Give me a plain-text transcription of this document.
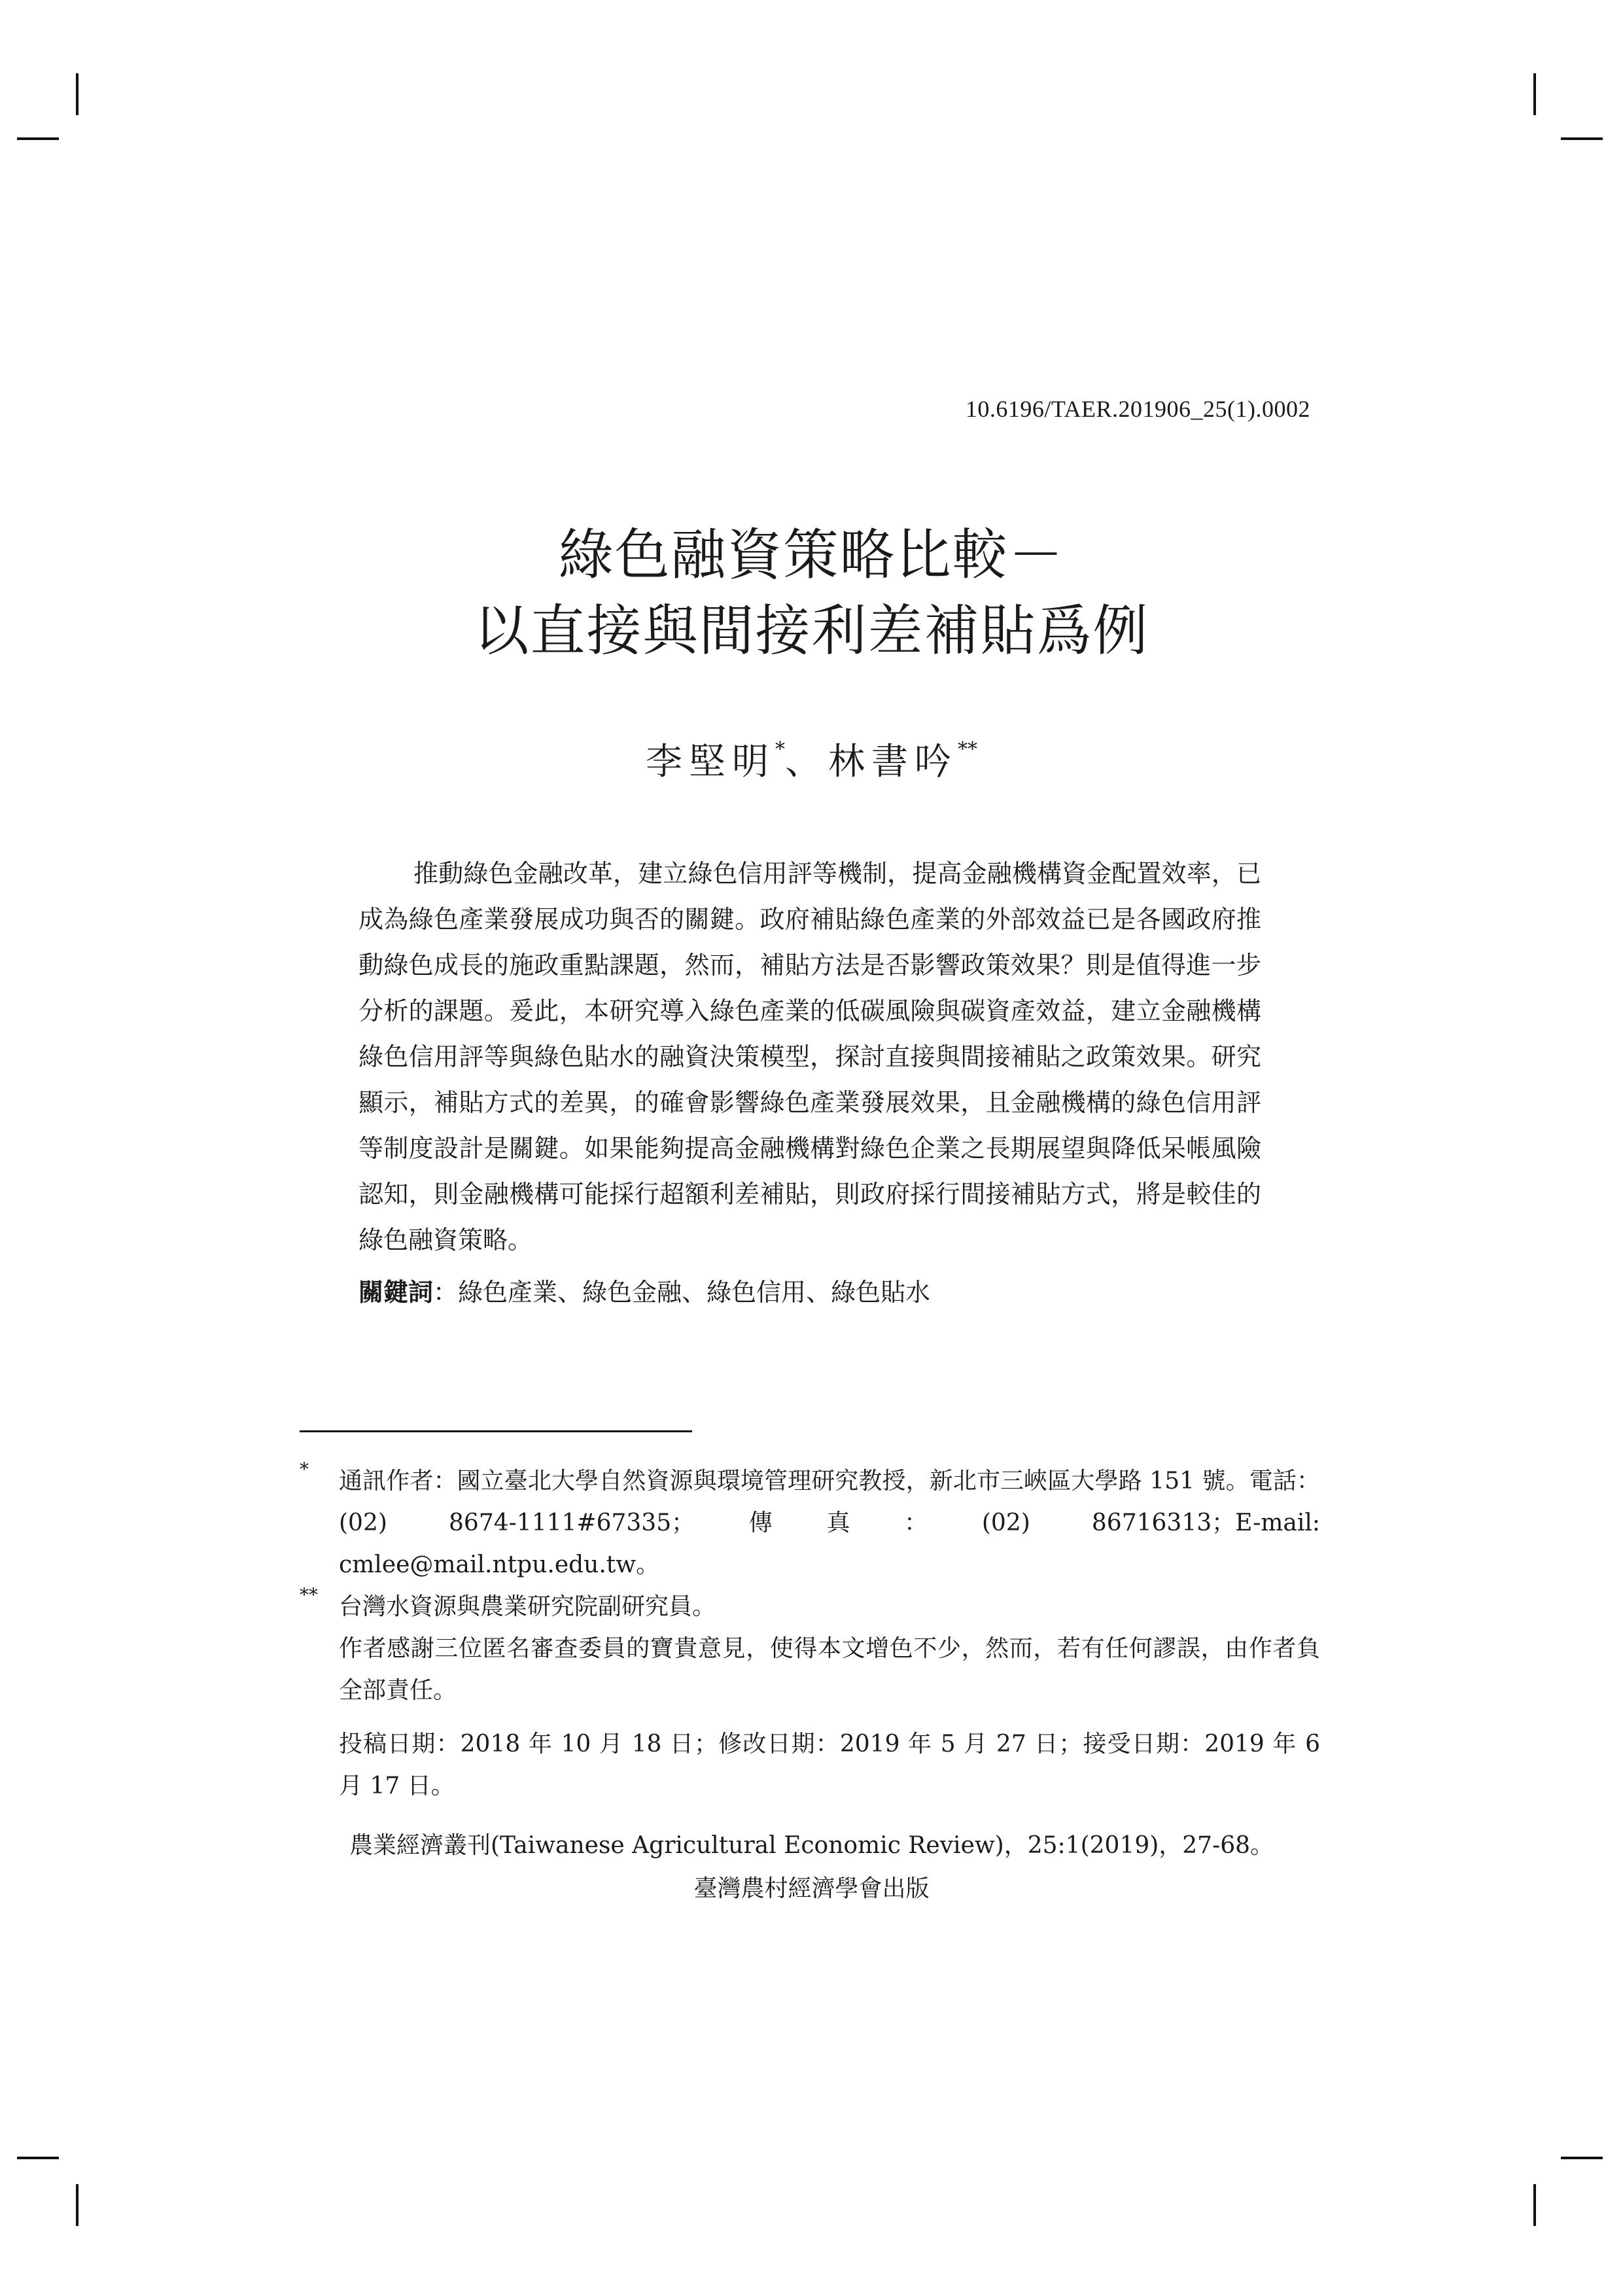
10.6196/TAER.201906_25(1).0002
綠色融資策略比較－
以直接與間接利差補貼爲例
李堅明*、林書吟**

推動綠色金融改革，建立綠色信用評等機制，提高金融機構資金配置效率，已成為綠色產業發展成功與否的關鍵。政府補貼綠色產業的外部效益已是各國政府推動綠色成長的施政重點課題，然而，補貼方法是否影響政策效果？則是值得進一步分析的課題。爰此，本研究導入綠色產業的低碳風險與碳資產效益，建立金融機構綠色信用評等與綠色貼水的融資決策模型，探討直接與間接補貼之政策效果。研究顯示，補貼方式的差異，的確會影響綠色產業發展效果，且金融機構的綠色信用評等制度設計是關鍵。如果能夠提高金融機構對綠色企業之長期展望與降低呆帳風險認知，則金融機構可能採行超額利差補貼，則政府採行間接補貼方式，將是較佳的綠色融資策略。

關鍵詞：綠色產業、綠色金融、綠色信用、綠色貼水
* 通訊作者：國立臺北大學自然資源與環境管理研究教授，新北市三峽區大學路 151 號。電話：(02) 8674-1111#67335；傳真：(02) 86716313；E-mail: cmlee@mail.ntpu.edu.tw。
** 台灣水資源與農業研究院副研究員。
作者感謝三位匿名審查委員的寶貴意見，使得本文增色不少，然而，若有任何謬誤，由作者負全部責任。
投稿日期：2018 年 10 月 18 日；修改日期：2019 年 5 月 27 日；接受日期：2019 年 6 月 17 日。
農業經濟叢刊(Taiwanese Agricultural Economic Review)，25:1(2019)，27-68。
臺灣農村經濟學會出版
